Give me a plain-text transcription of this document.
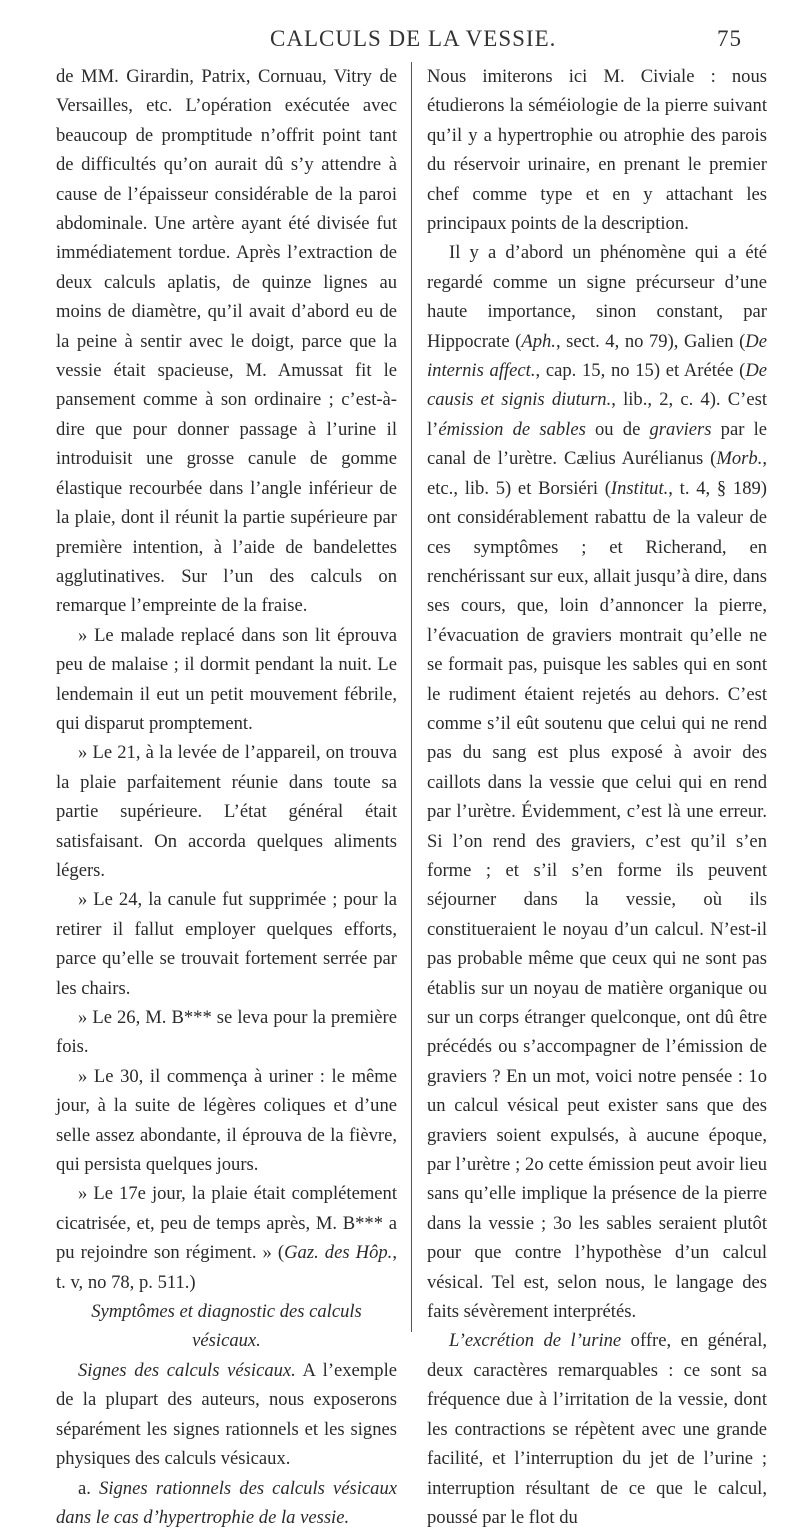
CALCULS DE LA VESSIE.	75

de MM. Girardin, Patrix, Cornuau, Vitry de Versailles, etc. L’opération exécutée avec beaucoup de promptitude n’offrit point tant de difficultés qu’on aurait dû s’y attendre à cause de l’épaisseur considérable de la paroi abdominale. Une artère ayant été divisée fut immédiatement tordue. Après l’extraction de deux calculs aplatis, de quinze lignes au moins de diamètre, qu’il avait d’abord eu de la peine à sentir avec le doigt, parce que la vessie était spacieuse, M. Amussat fit le pansement comme à son ordinaire ; c’est-à-dire que pour donner passage à l’urine il introduisit une grosse canule de gomme élastique recourbée dans l’angle inférieur de la plaie, dont il réunit la partie supérieure par première intention, à l’aide de bandelettes agglutinatives. Sur l’un des calculs on remarque l’empreinte de la fraise.

» Le malade replacé dans son lit éprouva peu de malaise ; il dormit pendant la nuit. Le lendemain il eut un petit mouvement fébrile, qui disparut promptement.

» Le 21, à la levée de l’appareil, on trouva la plaie parfaitement réunie dans toute sa partie supérieure. L’état général était satisfaisant. On accorda quelques aliments légers.

» Le 24, la canule fut supprimée ; pour la retirer il fallut employer quelques efforts, parce qu’elle se trouvait fortement serrée par les chairs.

» Le 26, M. B*** se leva pour la première fois.

» Le 30, il commença à uriner : le même jour, à la suite de légères coliques et d’une selle assez abondante, il éprouva de la fièvre, qui persista quelques jours.

» Le 17e jour, la plaie était complétement cicatrisée, et, peu de temps après, M. B*** a pu rejoindre son régiment. » (Gaz. des Hôp., t. v, no 78, p. 511.)

Symptômes et diagnostic des calculs vésicaux.

Signes des calculs vésicaux. A l’exemple de la plupart des auteurs, nous exposerons séparément les signes rationnels et les signes physiques des calculs vésicaux.

a. Signes rationnels des calculs vésicaux dans le cas d’hypertrophie de la vessie.

Nous imiterons ici M. Civiale : nous étudierons la séméiologie de la pierre suivant qu’il y a hypertrophie ou atrophie des parois du réservoir urinaire, en prenant le premier chef comme type et en y attachant les principaux points de la description.

Il y a d’abord un phénomène qui a été regardé comme un signe précurseur d’une haute importance, sinon constant, par Hippocrate (Aph., sect. 4, no 79), Galien (De internis affect., cap. 15, no 15) et Arétée (De causis et signis diuturn., lib., 2, c. 4). C’est l’émission de sables ou de graviers par le canal de l’urètre. Cælius Aurélianus (Morb., etc., lib. 5) et Borsiéri (Institut., t. 4, § 189) ont considérablement rabattu de la valeur de ces symptômes ; et Richerand, en renchérissant sur eux, allait jusqu’à dire, dans ses cours, que, loin d’annoncer la pierre, l’évacuation de graviers montrait qu’elle ne se formait pas, puisque les sables qui en sont le rudiment étaient rejetés au dehors. C’est comme s’il eût soutenu que celui qui ne rend pas du sang est plus exposé à avoir des caillots dans la vessie que celui qui en rend par l’urètre. Évidemment, c’est là une erreur. Si l’on rend des graviers, c’est qu’il s’en forme ; et s’il s’en forme ils peuvent séjourner dans la vessie, où ils constitueraient le noyau d’un calcul. N’est-il pas probable même que ceux qui ne sont pas établis sur un noyau de matière organique ou sur un corps étranger quelconque, ont dû être précédés ou s’accompagner de l’émission de graviers ? En un mot, voici notre pensée : 1o un calcul vésical peut exister sans que des graviers soient expulsés, à aucune époque, par l’urètre ; 2o cette émission peut avoir lieu sans qu’elle implique la présence de la pierre dans la vessie ; 3o les sables seraient plutôt pour que contre l’hypothèse d’un calcul vésical. Tel est, selon nous, le langage des faits sévèrement interprétés.

L’excrétion de l’urine offre, en général, deux caractères remarquables : ce sont sa fréquence due à l’irritation de la vessie, dont les contractions se répètent avec une grande facilité, et l’interruption du jet de l’urine ; interruption résultant de ce que le calcul, poussé par le flot du
